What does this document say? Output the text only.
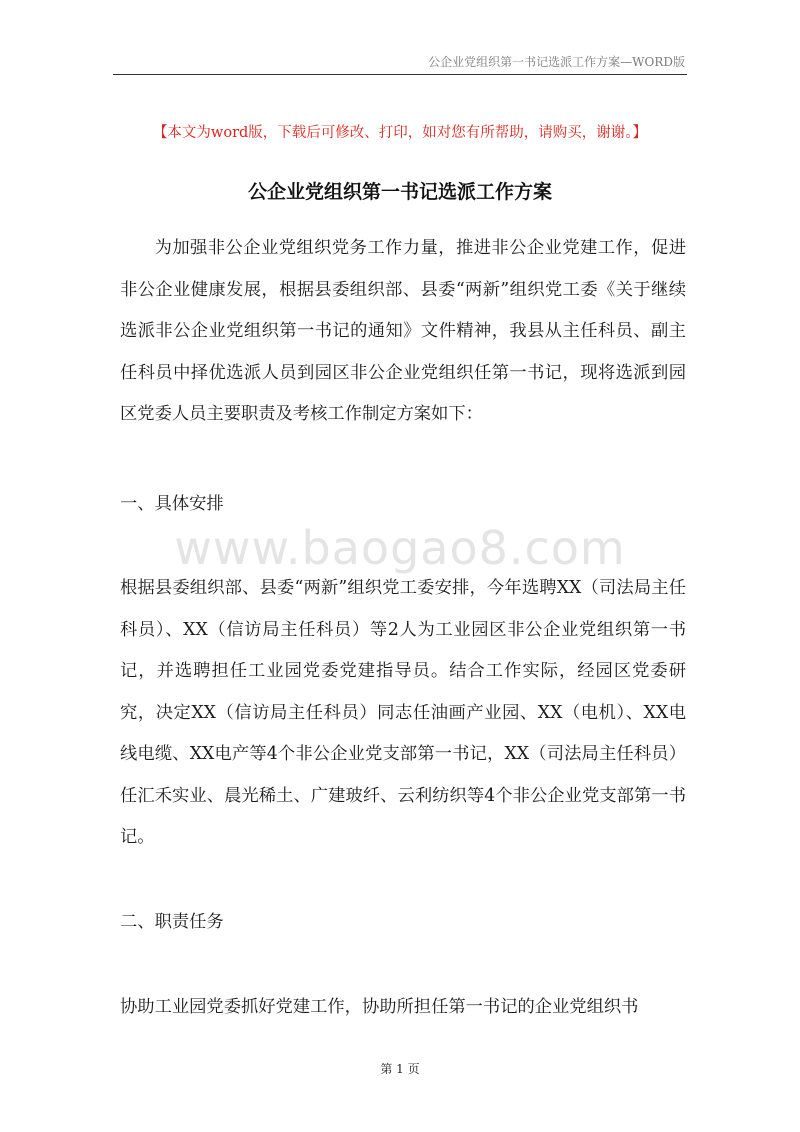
公企业党组织第一书记选派工作方案—WORD版
【本文为word版，下载后可修改、打印，如对您有所帮助，请购买，谢谢。】
公企业党组织第一书记选派工作方案

为加强非公企业党组织党务工作力量，推进非公企业党建工作，促进非公企业健康发展，根据县委组织部、县委“两新”组织党工委《关于继续选派非公企业党组织第一书记的通知》文件精神，我县从主任科员、副主任科员中择优选派人员到园区非公企业党组织任第一书记，现将选派到园区党委人员主要职责及考核工作制定方案如下：

一、具体安排
www.baogao8.com

根据县委组织部、县委“两新”组织党工委安排，今年选聘XX（司法局主任科员）、XX（信访局主任科员）等2人为工业园区非公企业党组织第一书记，并选聘担任工业园党委党建指导员。结合工作实际，经园区党委研究，决定XX（信访局主任科员）同志任油画产业园、XX（电机）、XX电线电缆、XX电产等4个非公企业党支部第一书记，XX（司法局主任科员）任汇禾实业、晨光稀土、广建玻纤、云利纺织等4个非公企业党支部第一书记。

二、职责任务

协助工业园党委抓好党建工作，协助所担任第一书记的企业党组织书

第 1 页
